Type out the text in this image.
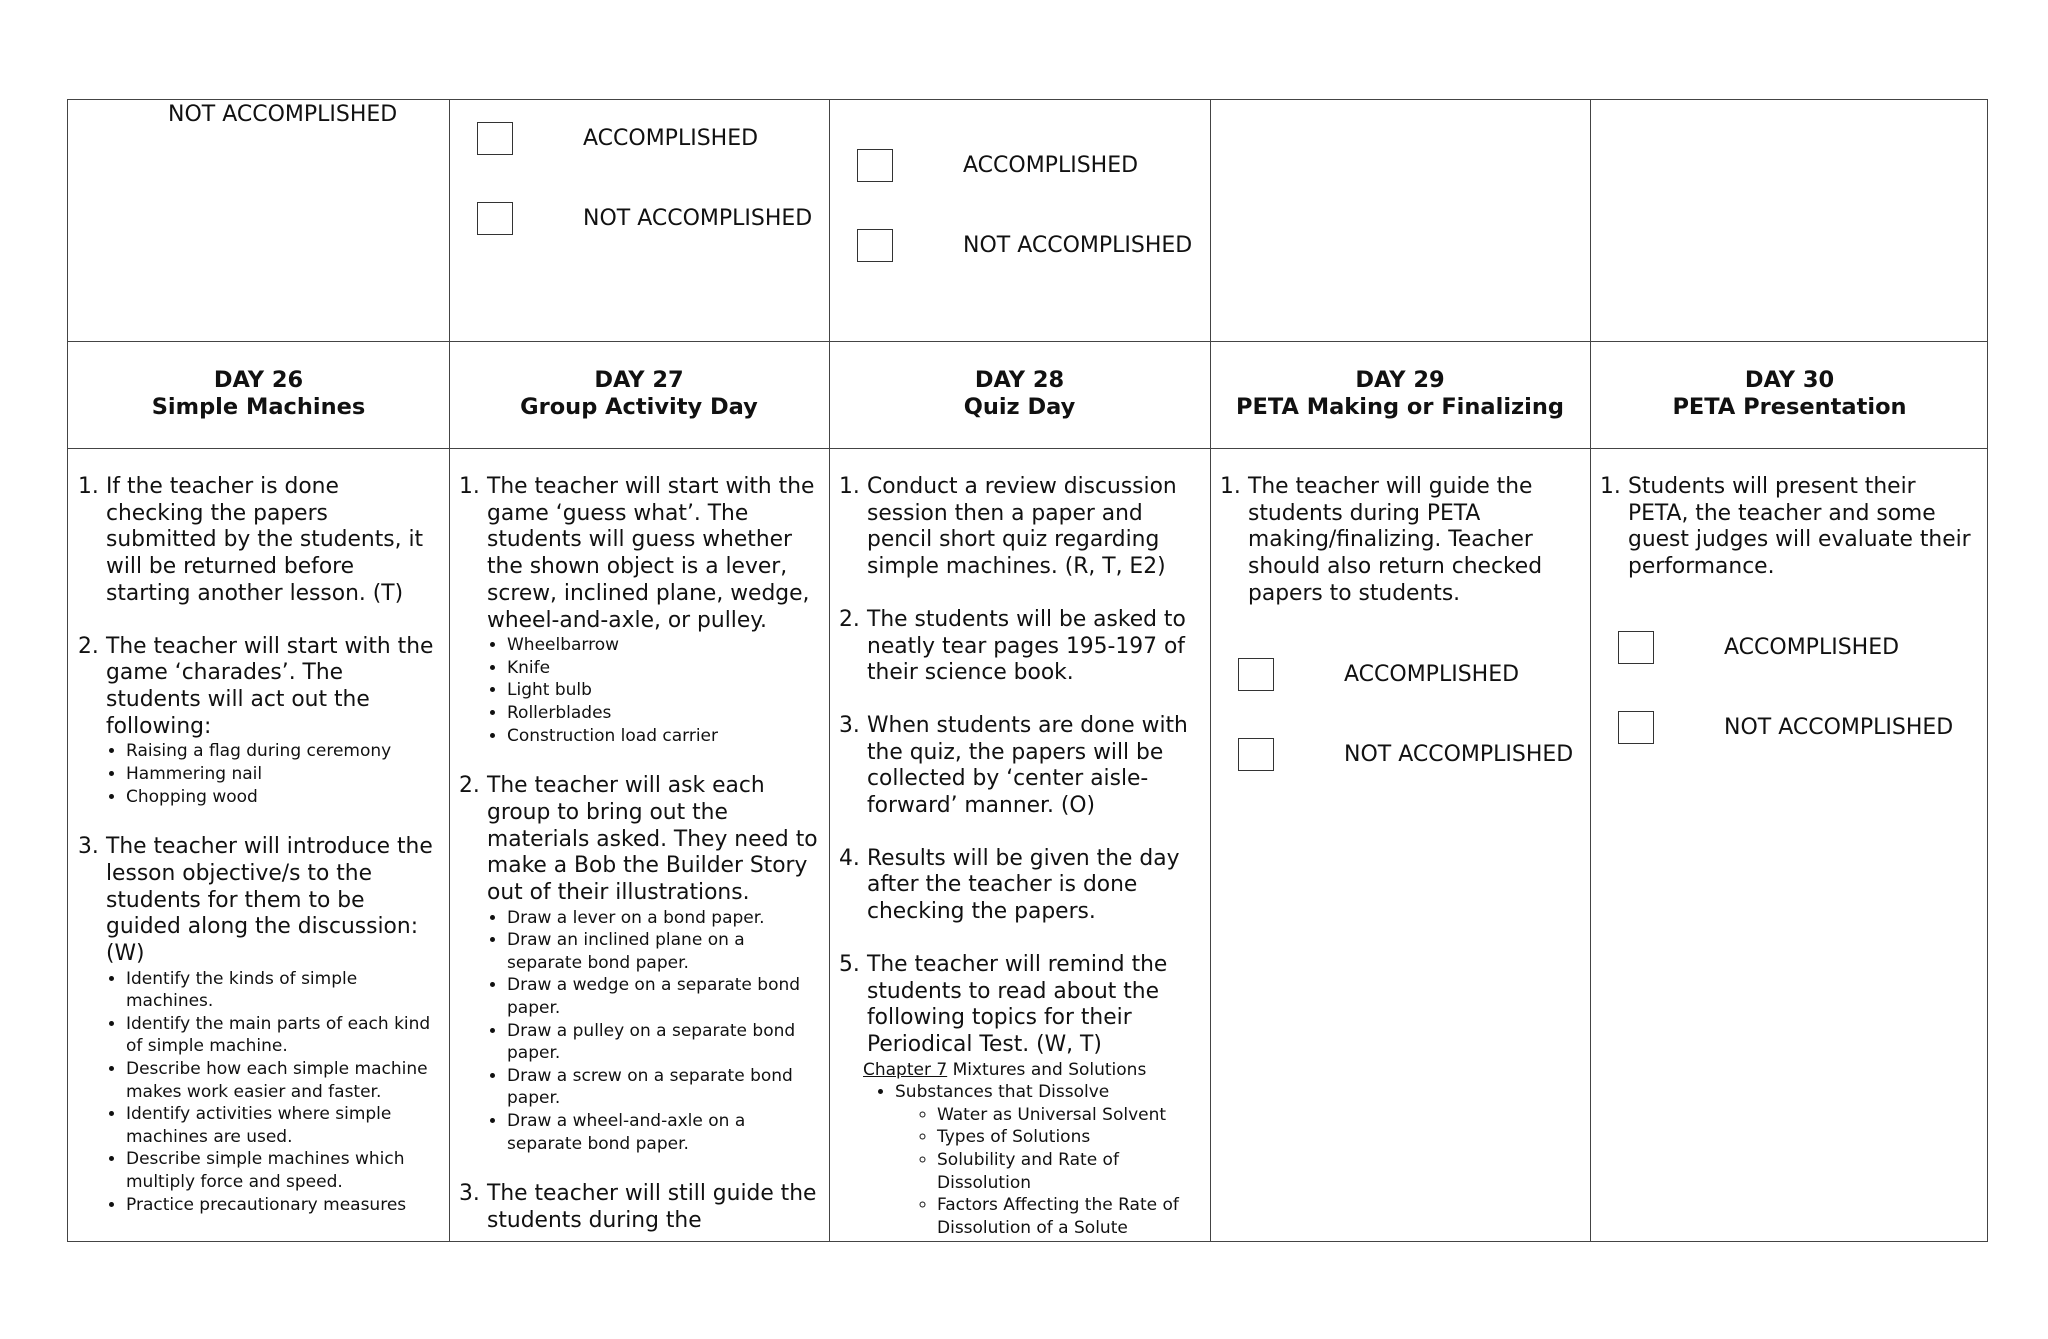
NOT ACCOMPLISHED
ACCOMPLISHED
NOT ACCOMPLISHED
ACCOMPLISHED
NOT ACCOMPLISHED
DAY 26
Simple Machines
DAY 27
Group Activity Day
DAY 28
Quiz Day
DAY 29
PETA Making or Finalizing
DAY 30
PETA Presentation
1. If the teacher is done checking the papers submitted by the students, it will be returned before starting another lesson. (T)
2. The teacher will start with the game ‘charades’. The students will act out the following:
• Raising a flag during ceremony
• Hammering nail
• Chopping wood
3. The teacher will introduce the lesson objective/s to the students for them to be guided along the discussion: (W)
• Identify the kinds of simple machines.
• Identify the main parts of each kind of simple machine.
• Describe how each simple machine makes work easier and faster.
• Identify activities where simple machines are used.
• Describe simple machines which multiply force and speed.
• Practice precautionary measures
1. The teacher will start with the game ‘guess what’. The students will guess whether the shown object is a lever, screw, inclined plane, wedge, wheel-and-axle, or pulley.
• Wheelbarrow
• Knife
• Light bulb
• Rollerblades
• Construction load carrier
2. The teacher will ask each group to bring out the materials asked. They need to make a Bob the Builder Story out of their illustrations.
• Draw a lever on a bond paper.
• Draw an inclined plane on a separate bond paper.
• Draw a wedge on a separate bond paper.
• Draw a pulley on a separate bond paper.
• Draw a screw on a separate bond paper.
• Draw a wheel-and-axle on a separate bond paper.
3. The teacher will still guide the students during the
1. Conduct a review discussion session then a paper and pencil short quiz regarding simple machines. (R, T, E2)
2. The students will be asked to neatly tear pages 195-197 of their science book.
3. When students are done with the quiz, the papers will be collected by ‘center aisle-forward’ manner. (O)
4. Results will be given the day after the teacher is done checking the papers.
5. The teacher will remind the students to read about the following topics for their Periodical Test. (W, T)
Chapter 7 Mixtures and Solutions
• Substances that Dissolve
◦ Water as Universal Solvent
◦ Types of Solutions
◦ Solubility and Rate of Dissolution
◦ Factors Affecting the Rate of Dissolution of a Solute
1. The teacher will guide the students during PETA making/finalizing. Teacher should also return checked papers to students.
ACCOMPLISHED
NOT ACCOMPLISHED
1. Students will present their PETA, the teacher and some guest judges will evaluate their performance.
ACCOMPLISHED
NOT ACCOMPLISHED
